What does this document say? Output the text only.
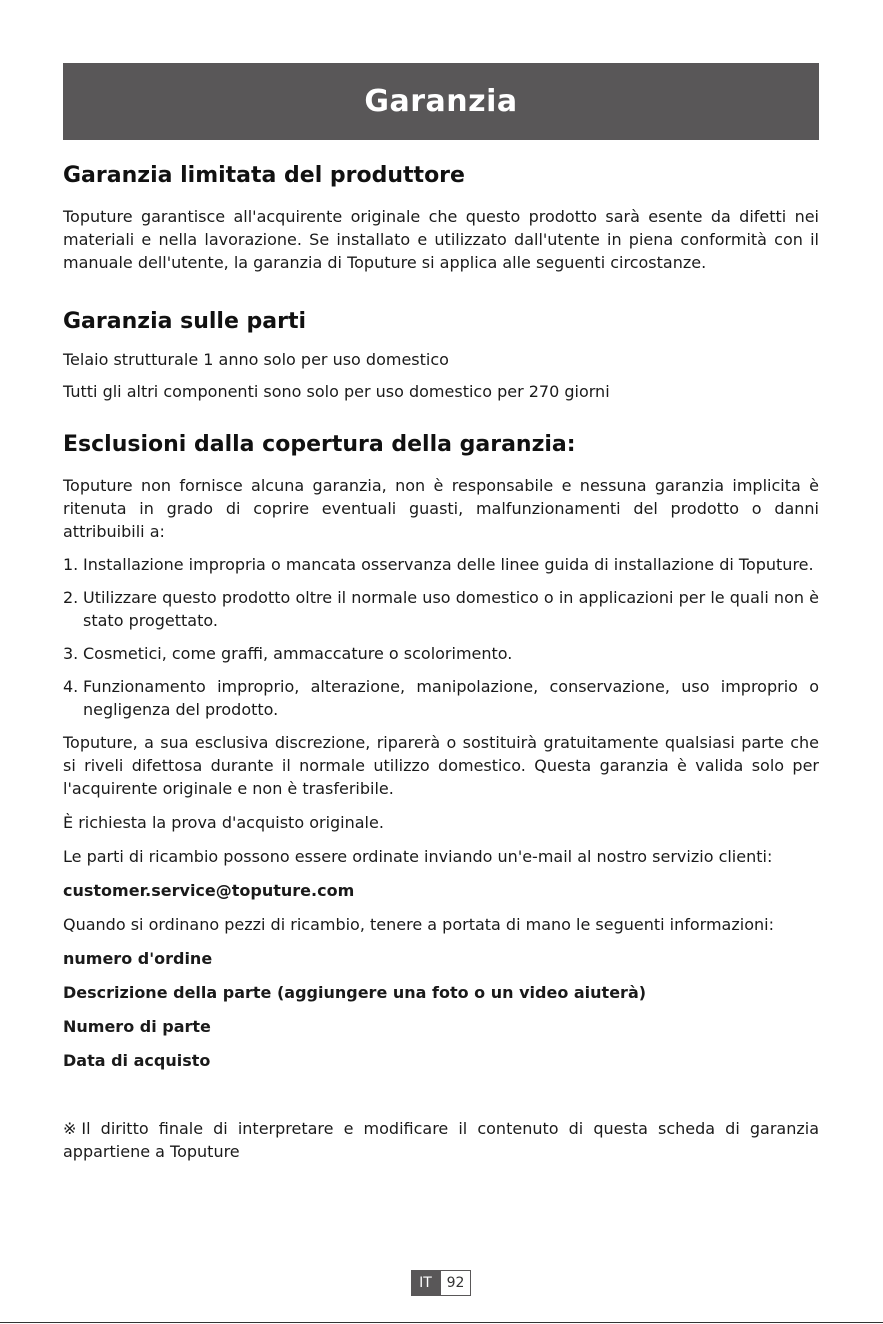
Garanzia
Garanzia limitata del produttore

Toputure garantisce all'acquirente originale che questo prodotto sarà esente da difetti nei materiali e nella lavorazione. Se installato e utilizzato dall'utente in piena conformità con il manuale dell'utente, la garanzia di Toputure si applica alle seguenti circostanze.

Garanzia sulle parti

Telaio strutturale 1 anno solo per uso domestico

Tutti gli altri componenti sono solo per uso domestico per 270 giorni

Esclusioni dalla copertura della garanzia:

Toputure non fornisce alcuna garanzia, non è responsabile e nessuna garanzia implicita è ritenuta in grado di coprire eventuali guasti, malfunzionamenti del prodotto o danni attribuibili a:

1. Installazione impropria o mancata osservanza delle linee guida di installazione di Toputure.
2. Utilizzare questo prodotto oltre il normale uso domestico o in applicazioni per le quali non è stato progettato.
3. Cosmetici, come graffi, ammaccature o scolorimento.
4. Funzionamento improprio, alterazione, manipolazione, conservazione, uso improprio o negligenza del prodotto.

Toputure, a sua esclusiva discrezione, riparerà o sostituirà gratuitamente qualsiasi parte che si riveli difettosa durante il normale utilizzo domestico. Questa garanzia è valida solo per l'acquirente originale e non è trasferibile.

È richiesta la prova d'acquisto originale.

Le parti di ricambio possono essere ordinate inviando un'e-mail al nostro servizio clienti:

customer.service@toputure.com

Quando si ordinano pezzi di ricambio, tenere a portata di mano le seguenti informazioni:

numero d'ordine

Descrizione della parte (aggiungere una foto o un video aiuterà)

Numero di parte

Data di acquisto

※Il diritto finale di interpretare e modificare il contenuto di questa scheda di garanzia appartiene a Toputure

IT	92
